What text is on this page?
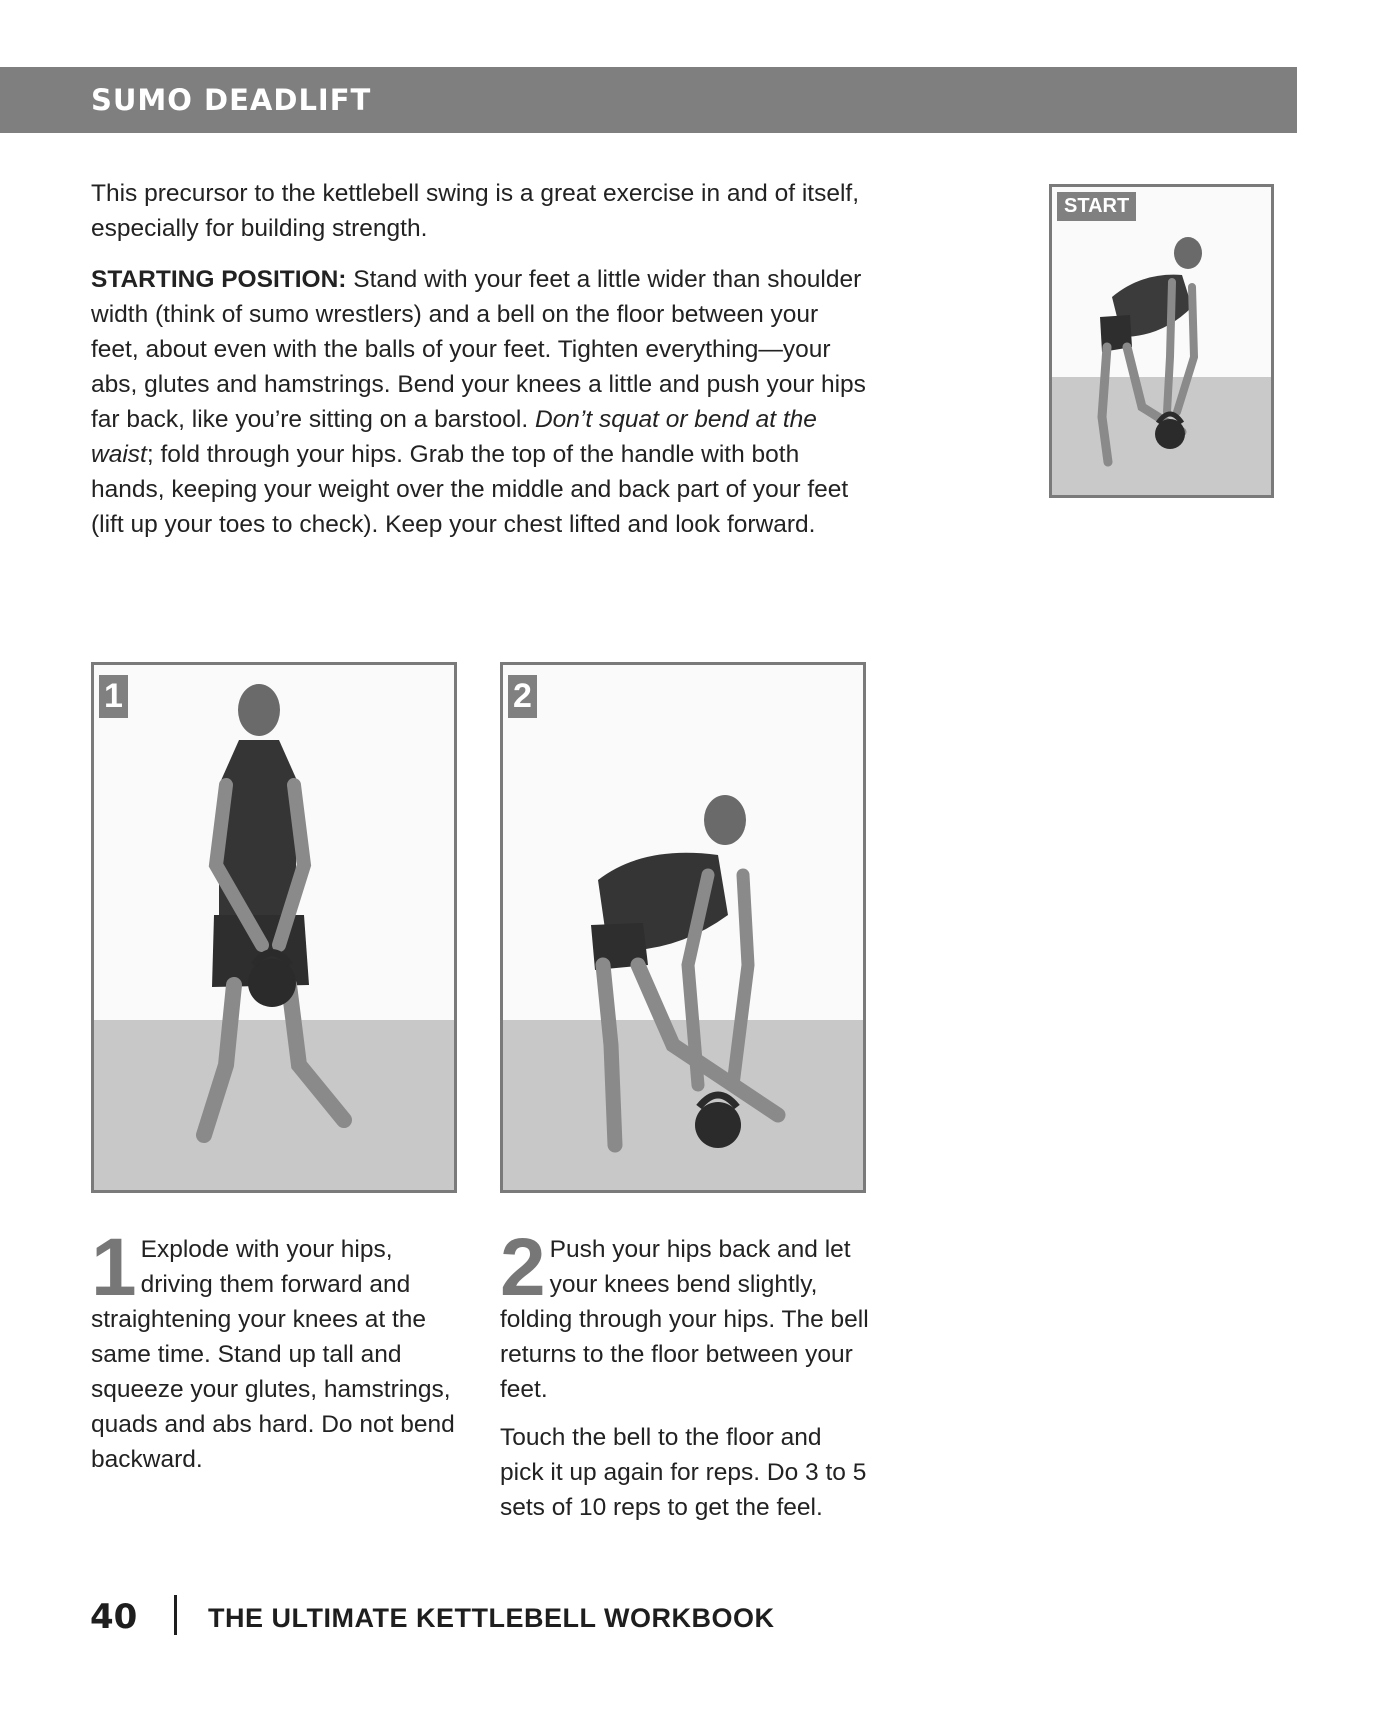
SUMO DEADLIFT
This precursor to the kettlebell swing is a great exercise in and of itself, especially for building strength.
STARTING POSITION: Stand with your feet a little wider than shoulder width (think of sumo wrestlers) and a bell on the floor between your feet, about even with the balls of your feet. Tighten everything—your abs, glutes and hamstrings. Bend your knees a little and push your hips far back, like you’re sitting on a barstool. Don’t squat or bend at the waist; fold through your hips. Grab the top of the handle with both hands, keeping your weight over the middle and back part of your feet (lift up your toes to check). Keep your chest lifted and look forward.
START
1	2
1 Explode with your hips, driving them forward and straightening your knees at the same time. Stand up tall and squeeze your glutes, hamstrings, quads and abs hard. Do not bend backward.
2 Push your hips back and let your knees bend slightly, folding through your hips. The bell returns to the floor between your feet.
Touch the bell to the floor and pick it up again for reps. Do 3 to 5 sets of 10 reps to get the feel.
40	THE ULTIMATE KETTLEBELL WORKBOOK
